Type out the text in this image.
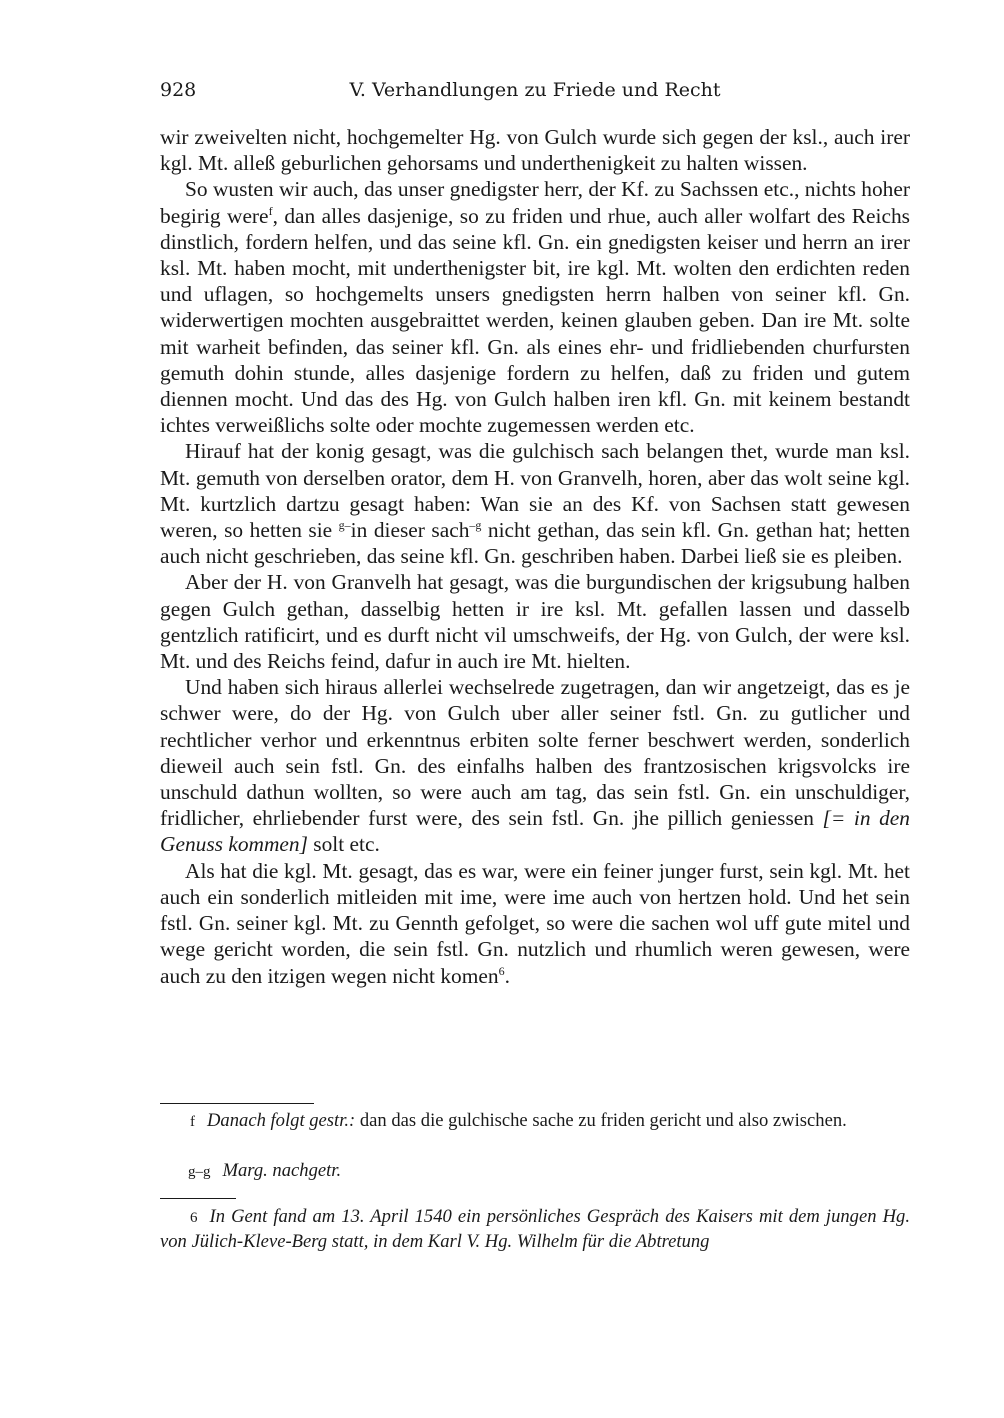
928	V. Verhandlungen zu Friede und Recht

wir zweivelten nicht, hochgemelter Hg. von Gulch wurde sich gegen der ksl., auch irer kgl. Mt. alleß geburlichen gehorsams und underthenigkeit zu halten wissen.

So wusten wir auch, das unser gnedigster herr, der Kf. zu Sachssen etc., nichts hoher begirig were$^f$, dan alles dasjenige, so zu friden und rhue, auch aller wolfart des Reichs dinstlich, fordern helfen, und das seine kfl. Gn. ein gnedigsten keiser und herrn an irer ksl. Mt. haben mocht, mit underthenigster bit, ire kgl. Mt. wolten den erdichten reden und uflagen, so hochgemelts unsers gnedigsten herrn halben von seiner kfl. Gn. widerwertigen mochten ausgebraittet werden, keinen glauben geben. Dan ire Mt. solte mit warheit befinden, das seiner kfl. Gn. als eines ehr- und fridliebenden churfursten gemuth dohin stunde, alles dasjenige fordern zu helfen, daß zu friden und gutem diennen mocht. Und das des Hg. von Gulch halben iren kfl. Gn. mit keinem bestandt ichtes verweißlichs solte oder mochte zugemessen werden etc.

Hirauf hat der konig gesagt, was die gulchisch sach belangen thet, wurde man ksl. Mt. gemuth von derselben orator, dem H. von Granvelh, horen, aber das wolt seine kgl. Mt. kurtzlich dartzu gesagt haben: Wan sie an des Kf. von Sachsen statt gewesen weren, so hetten sie $^{g-}$in dieser sach$^{-g}$ nicht gethan, das sein kfl. Gn. gethan hat; hetten auch nicht geschrieben, das seine kfl. Gn. geschriben haben. Darbei ließ sie es pleiben.

Aber der H. von Granvelh hat gesagt, was die burgundischen der krigsubung halben gegen Gulch gethan, dasselbig hetten ir ire ksl. Mt. gefallen lassen und dasselb gentzlich ratificirt, und es durft nicht vil umschweifs, der Hg. von Gulch, der were ksl. Mt. und des Reichs feind, dafur in auch ire Mt. hielten.

Und haben sich hiraus allerlei wechselrede zugetragen, dan wir angetzeigt, das es je schwer were, do der Hg. von Gulch uber aller seiner fstl. Gn. zu gutlicher und rechtlicher verhor und erkenntnus erbiten solte ferner beschwert werden, sonderlich dieweil auch sein fstl. Gn. des einfalhs halben des frantzosischen krigsvolcks ire unschuld dathun wollten, so were auch am tag, das sein fstl. Gn. ein unschuldiger, fridlicher, ehrliebender furst were, des sein fstl. Gn. jhe pillich geniessen [= in den Genuss kommen] solt etc.

Als hat die kgl. Mt. gesagt, das es war, were ein feiner junger furst, sein kgl. Mt. het auch ein sonderlich mitleiden mit ime, were ime auch von hertzen hold. Und het sein fstl. Gn. seiner kgl. Mt. zu Gennth gefolget, so were die sachen wol uff gute mitel und wege gericht worden, die sein fstl. Gn. nutzlich und rhumlich weren gewesen, were auch zu den itzigen wegen nicht komen$^6$.

f Danach folgt gestr.: dan das die gulchische sache zu friden gericht und also zwischen.
g–g Marg. nachgetr.
6 In Gent fand am 13. April 1540 ein persönliches Gespräch des Kaisers mit dem jungen Hg. von Jülich-Kleve-Berg statt, in dem Karl V. Hg. Wilhelm für die Abtretung
